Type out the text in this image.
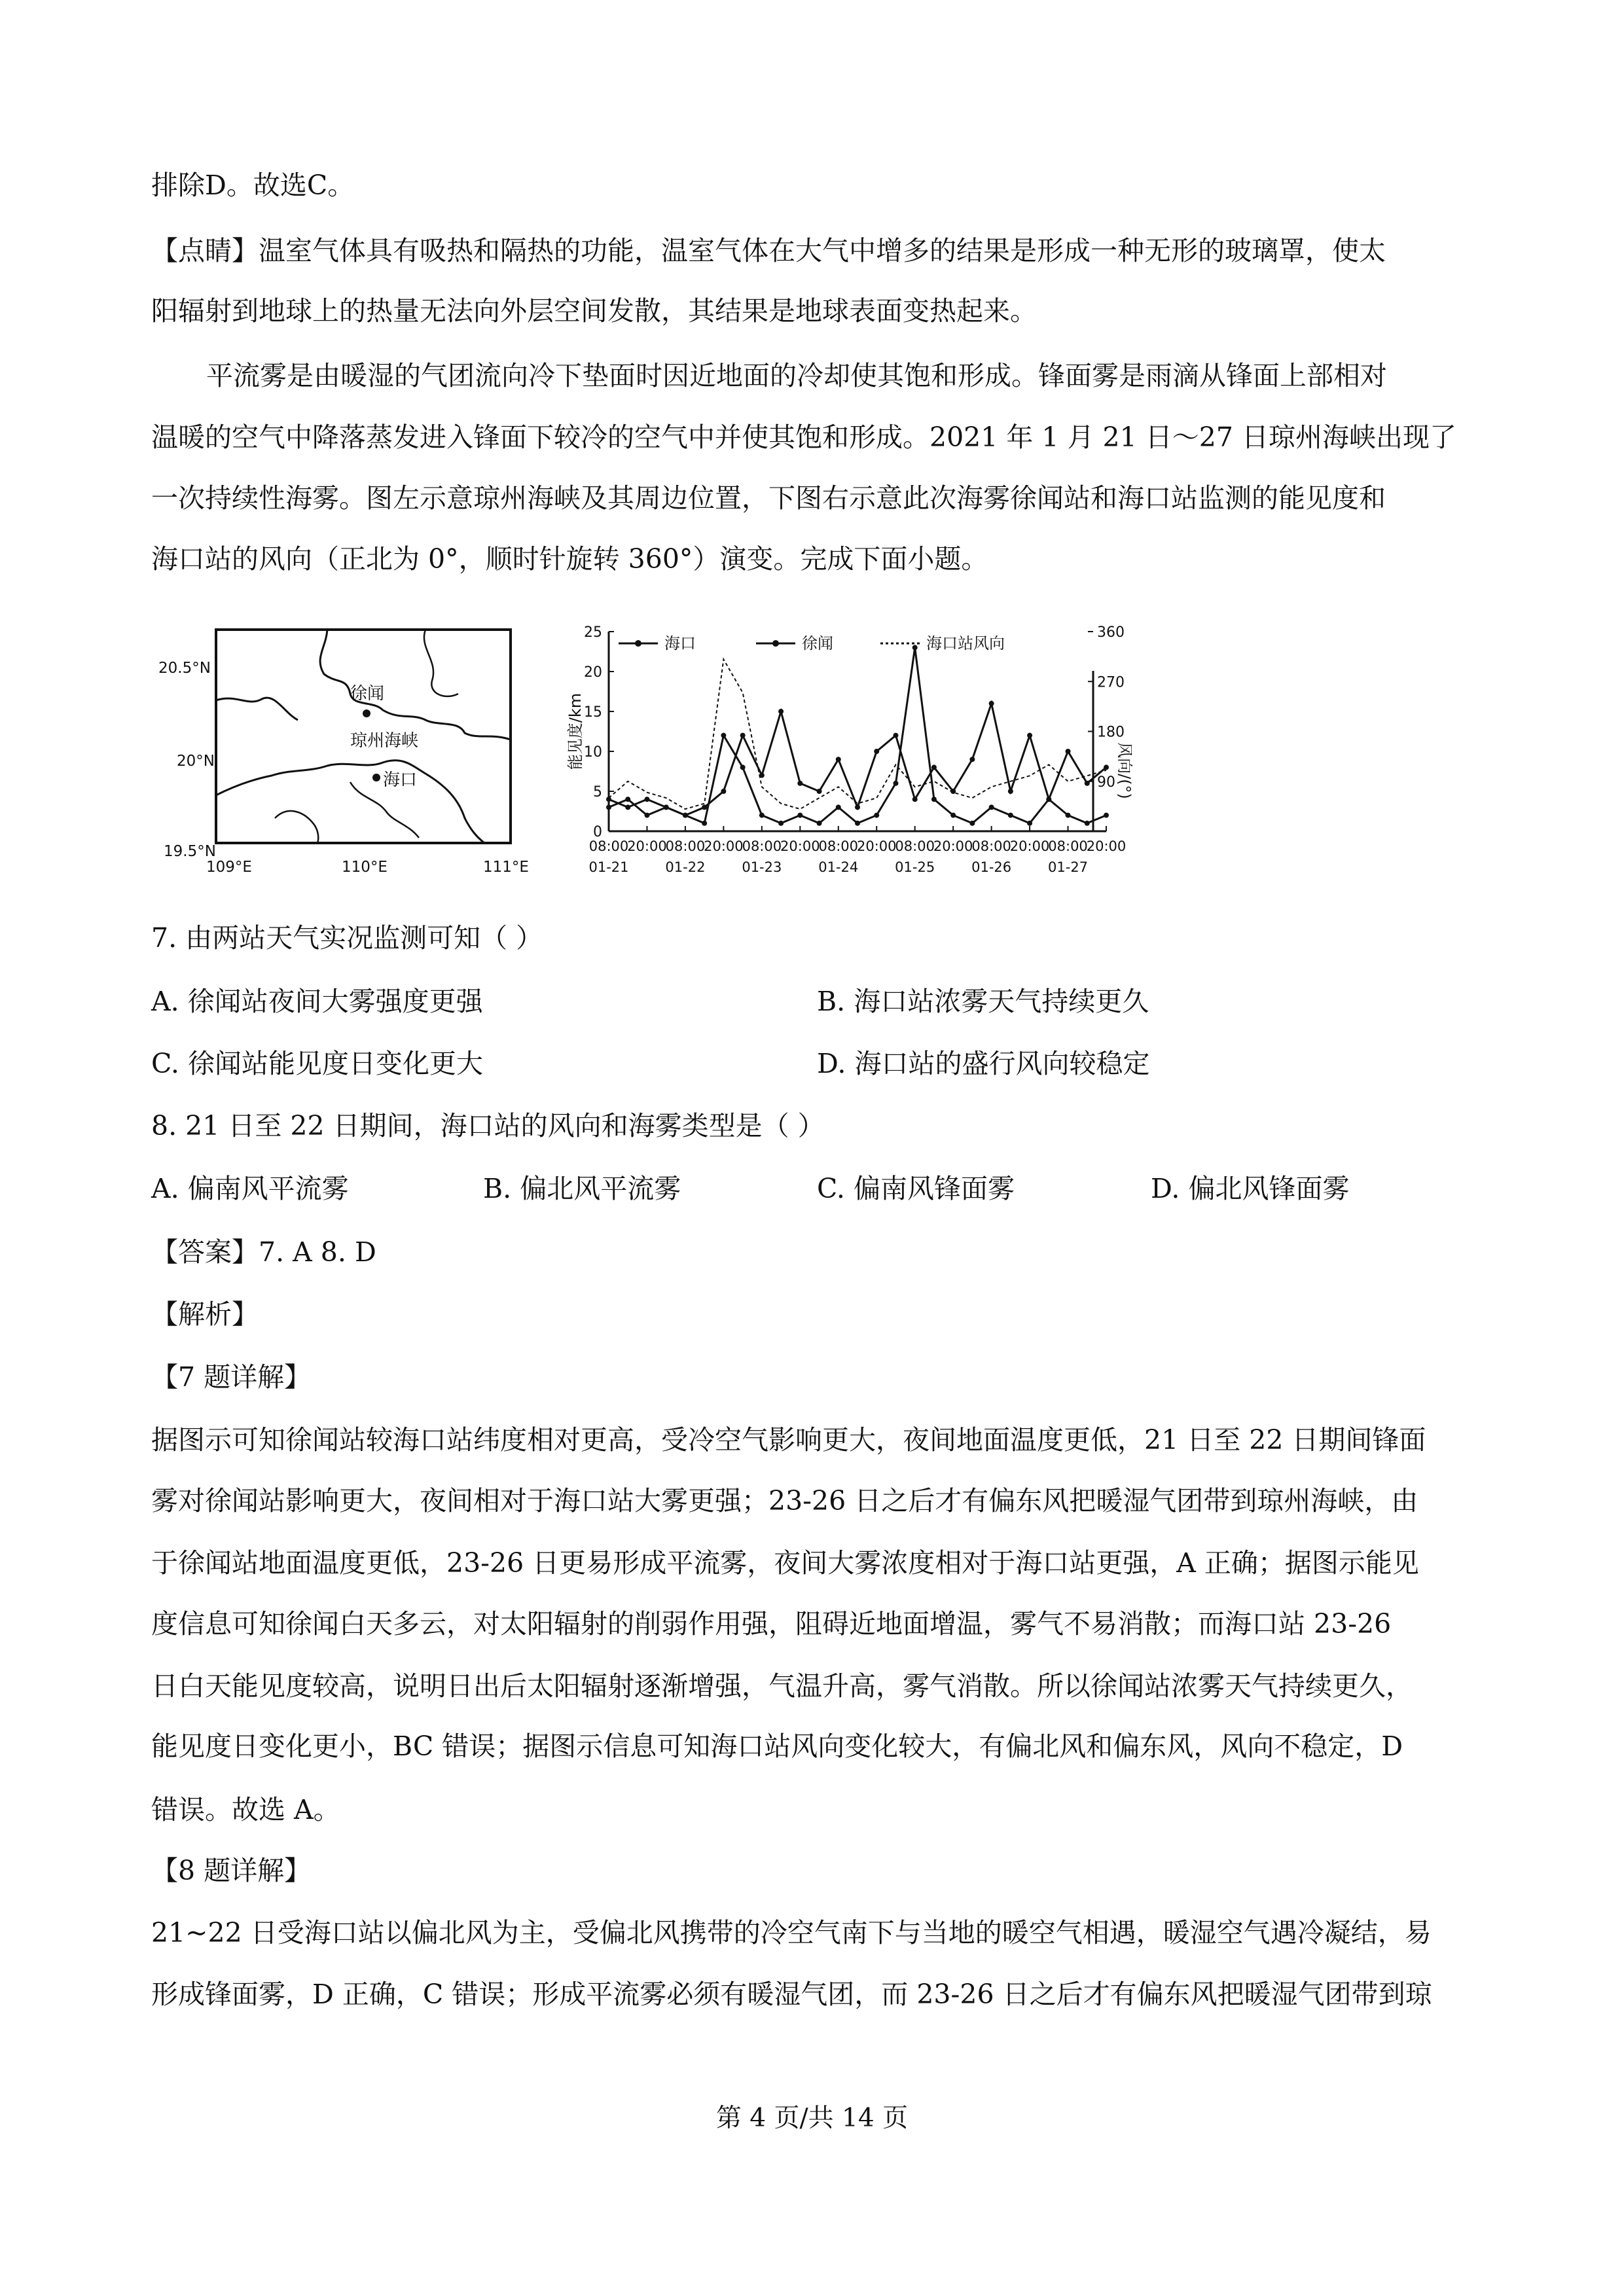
排除D。故选C。
【点睛】温室气体具有吸热和隔热的功能，温室气体在大气中增多的结果是形成一种无形的玻璃罩，使太
阳辐射到地球上的热量无法向外层空间发散，其结果是地球表面变热起来。
平流雾是由暖湿的气团流向冷下垫面时因近地面的冷却使其饱和形成。锋面雾是雨滴从锋面上部相对
温暖的空气中降落蒸发进入锋面下较冷的空气中并使其饱和形成。2021 年 1 月 21 日～27 日琼州海峡出现了
一次持续性海雾。图左示意琼州海峡及其周边位置，下图右示意此次海雾徐闻站和海口站监测的能见度和
海口站的风向（正北为 0°，顺时针旋转 360°）演变。完成下面小题。
徐闻
琼州海峡
海口
20.5°N
20°N
19.5°N
109°E	110°E	111°E
0
5
10
15
20
25
90
180
270
360
能见度/km
风向/(°)
08:00
20:00
08:00
20:00
08:00
20:00
08:00
20:00
08:00
20:00
08:00
20:00
08:00
20:00
01-21	01-22	01-23	01-24	01-25	01-26	01-27
海口	徐闻	海口站风向
7. 由两站天气实况监测可知（ ）
A. 徐闻站夜间大雾强度更强	B. 海口站浓雾天气持续更久
C. 徐闻站能见度日变化更大	D. 海口站的盛行风向较稳定
8. 21 日至 22 日期间，海口站的风向和海雾类型是（ ）
A. 偏南风平流雾	B. 偏北风平流雾	C. 偏南风锋面雾	D. 偏北风锋面雾
【答案】7. A 8. D
【解析】
【7 题详解】
据图示可知徐闻站较海口站纬度相对更高，受冷空气影响更大，夜间地面温度更低，21 日至 22 日期间锋面
雾对徐闻站影响更大，夜间相对于海口站大雾更强；23-26 日之后才有偏东风把暖湿气团带到琼州海峡，由
于徐闻站地面温度更低，23-26 日更易形成平流雾，夜间大雾浓度相对于海口站更强，A 正确；据图示能见
度信息可知徐闻白天多云，对太阳辐射的削弱作用强，阻碍近地面增温，雾气不易消散；而海口站 23-26
日白天能见度较高，说明日出后太阳辐射逐渐增强，气温升高，雾气消散。所以徐闻站浓雾天气持续更久，
能见度日变化更小，BC 错误；据图示信息可知海口站风向变化较大，有偏北风和偏东风，风向不稳定，D
错误。故选 A。
【8 题详解】
21~22 日受海口站以偏北风为主，受偏北风携带的冷空气南下与当地的暖空气相遇，暖湿空气遇冷凝结，易
形成锋面雾，D 正确，C 错误；形成平流雾必须有暖湿气团，而 23-26 日之后才有偏东风把暖湿气团带到琼
第 4 页/共 14 页
